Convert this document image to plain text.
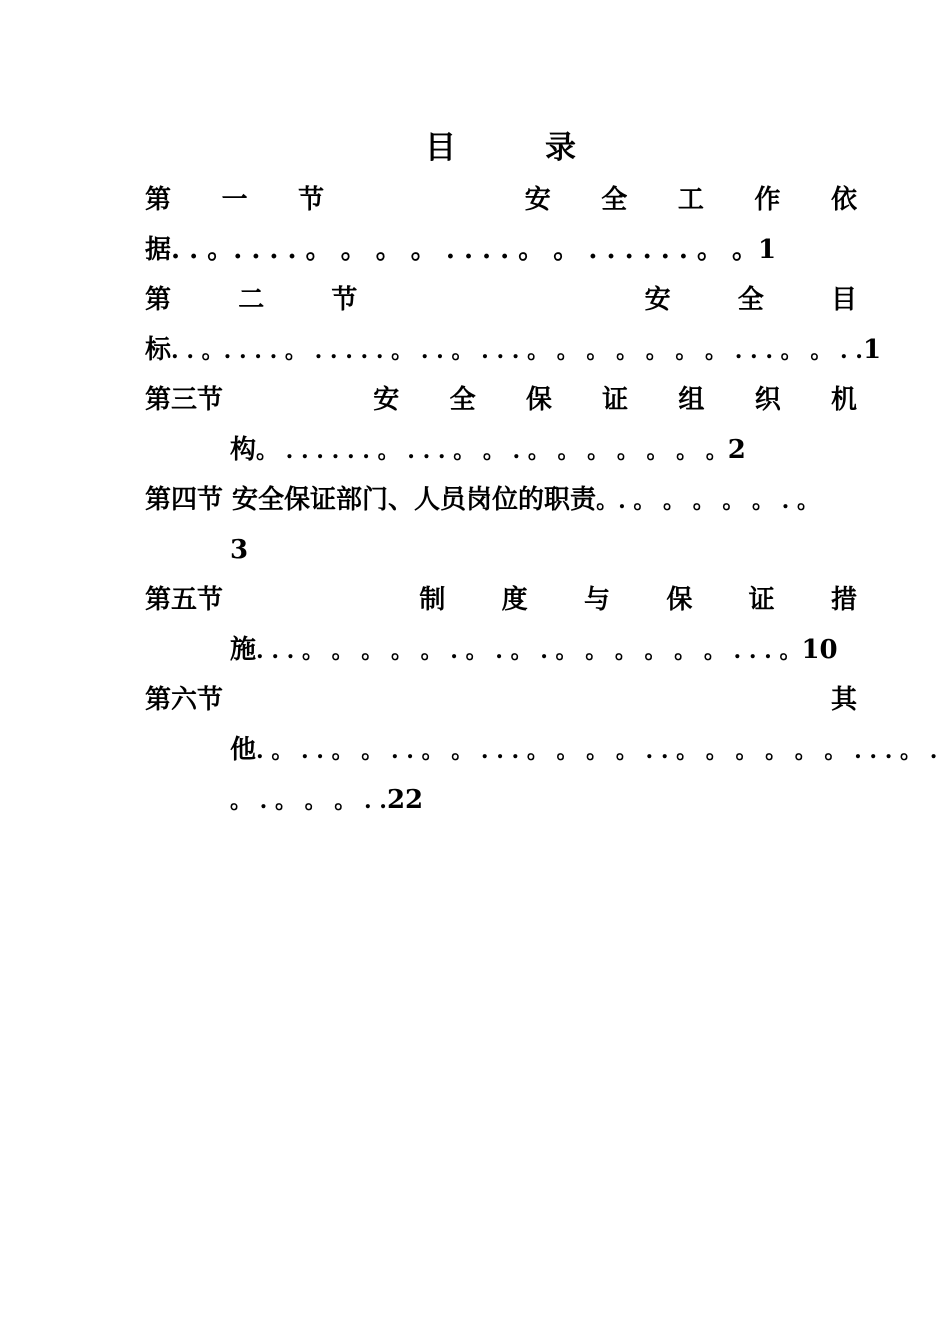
目	录
第 一 节	安 全 工 作 依
据. . 。. . . . 。 。 。 。 . . . . 。 。 . . . . . . 。 。1
第	二	节	安	全	目
标. . 。. . . . 。 . . . . . 。 . . 。 . . . 。 。 。 。 。 。 。 . . . 。 。 . .1
第三节	安 全 保 证 组 织 机
构。 . . . . . . 。 . . . 。 。 . 。 。 。 。 。 。 。2
第四节 安全保证部门、人员岗位的职责。. 。 。 。 。 。 . 。
3
第五节	制 度 与 保 证 措
施. . . 。 。 。 。 。 . 。 . 。 . 。 。 。 。 。 。 . . . 。10
第六节	其
他. 。 . . 。 。 . . 。 。 . . . 。 。 。 。 . . 。 。 。 。 。 。 . . . 。 .
。 . 。 。 。 . .22
